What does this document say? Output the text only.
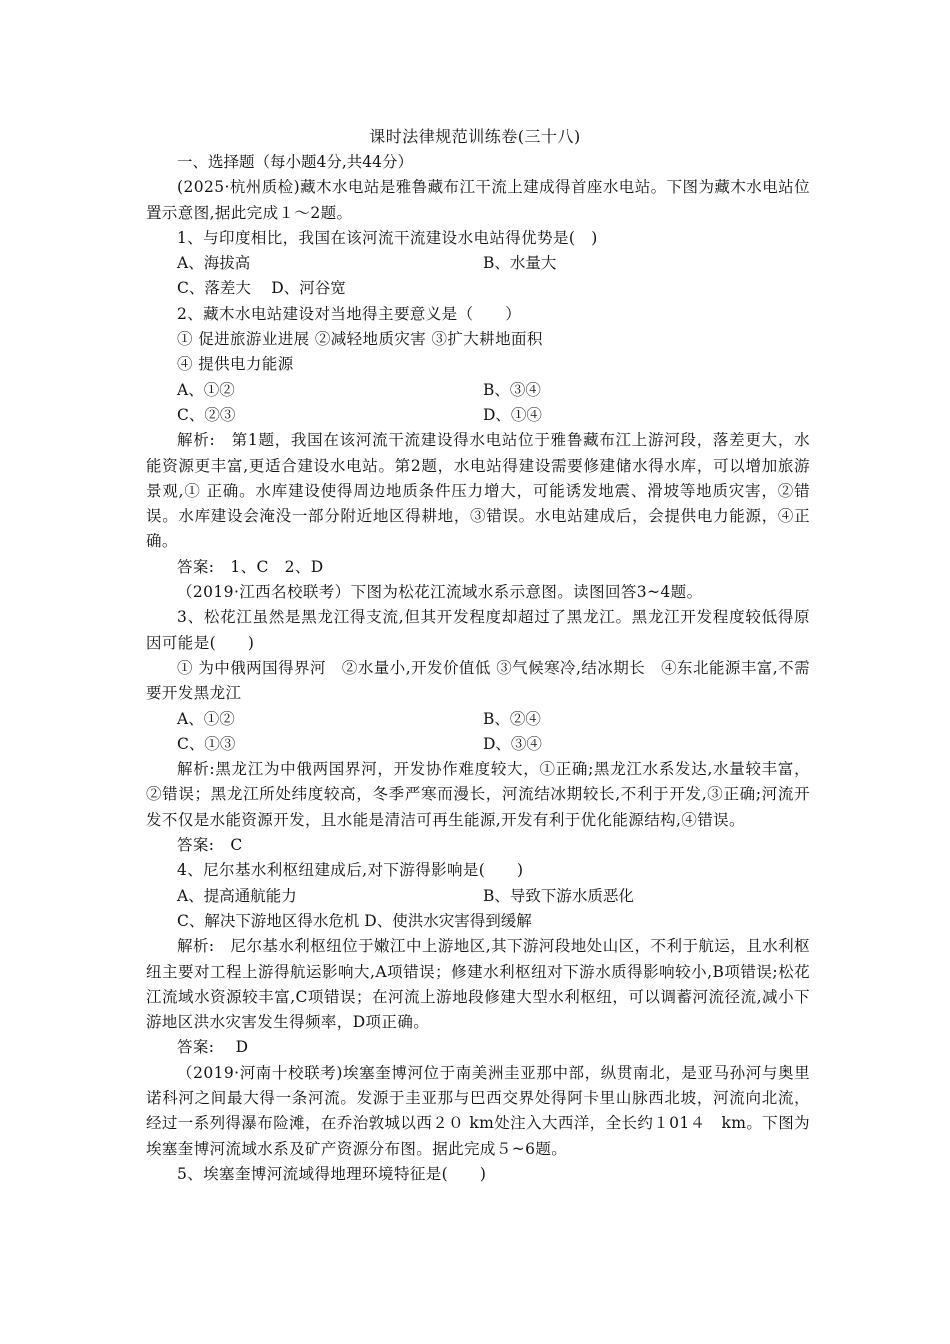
课时法律规范训练卷(三十八)

一、选择题（每小题4分,共44分）

(2025·杭州质检)藏木水电站是雅鲁藏布江干流上建成得首座水电站。下图为藏木水电站位置示意图,据此完成１～2题。

1、与印度相比，我国在该河流干流建设水电站得优势是(　)

A、海拔高	B、水量大
C、落差大　 D、河谷宽

2、藏木水电站建设对当地得主要意义是（　　）

① 促进旅游业进展 ②减轻地质灾害 ③扩大耕地面积

④ 提供电力能源

A、①②	B、③④
C、②③	D、①④

解析:　第1题，我国在该河流干流建设得水电站位于雅鲁藏布江上游河段，落差更大，水能资源更丰富,更适合建设水电站。第2题，水电站得建设需要修建储水得水库，可以增加旅游景观,① 正确。水库建设使得周边地质条件压力增大，可能诱发地震、滑坡等地质灾害，②错误。水库建设会淹没一部分附近地区得耕地，③错误。水电站建成后，会提供电力能源，④正确。

答案:　1、C　2、D

（2019·江西名校联考）下图为松花江流域水系示意图。读图回答3~4题。

3、松花江虽然是黑龙江得支流,但其开发程度却超过了黑龙江。黑龙江开发程度较低得原因可能是(　　)

① 为中俄两国得界河　②水量小,开发价值低 ③气候寒冷,结冰期长　④东北能源丰富,不需要开发黑龙江

A、①②	B、②④
C、①③	D、③④

解析:黑龙江为中俄两国界河，开发协作难度较大，①正确;黑龙江水系发达,水量较丰富，②错误；黑龙江所处纬度较高，冬季严寒而漫长，河流结冰期较长,不利于开发,③正确;河流开发不仅是水能资源开发，且水能是清洁可再生能源,开发有利于优化能源结构,④错误。

答案:　C

4、尼尔基水利枢纽建成后,对下游得影响是(　　)

A、提高通航能力	B、导致下游水质恶化
C、解决下游地区得水危机 D、使洪水灾害得到缓解

解析:　尼尔基水利枢纽位于嫩江中上游地区,其下游河段地处山区，不利于航运，且水利枢纽主要对工程上游得航运影响大,A项错误；修建水利枢纽对下游水质得影响较小,B项错误;松花江流域水资源较丰富,C项错误；在河流上游地段修建大型水利枢纽，可以调蓄河流径流,减小下游地区洪水灾害发生得频率，D项正确。

答案:　 D

（2019·河南十校联考)埃塞奎博河位于南美洲圭亚那中部，纵贯南北，是亚马孙河与奥里诺科河之间最大得一条河流。发源于圭亚那与巴西交界处得阿卡里山脉西北坡，河流向北流，经过一系列得瀑布险滩，在乔治敦城以西２０ km处注入大西洋，全长约１01４　km。下图为埃塞奎博河流域水系及矿产资源分布图。据此完成５~6题。

5、埃塞奎博河流域得地理环境特征是(　　)
